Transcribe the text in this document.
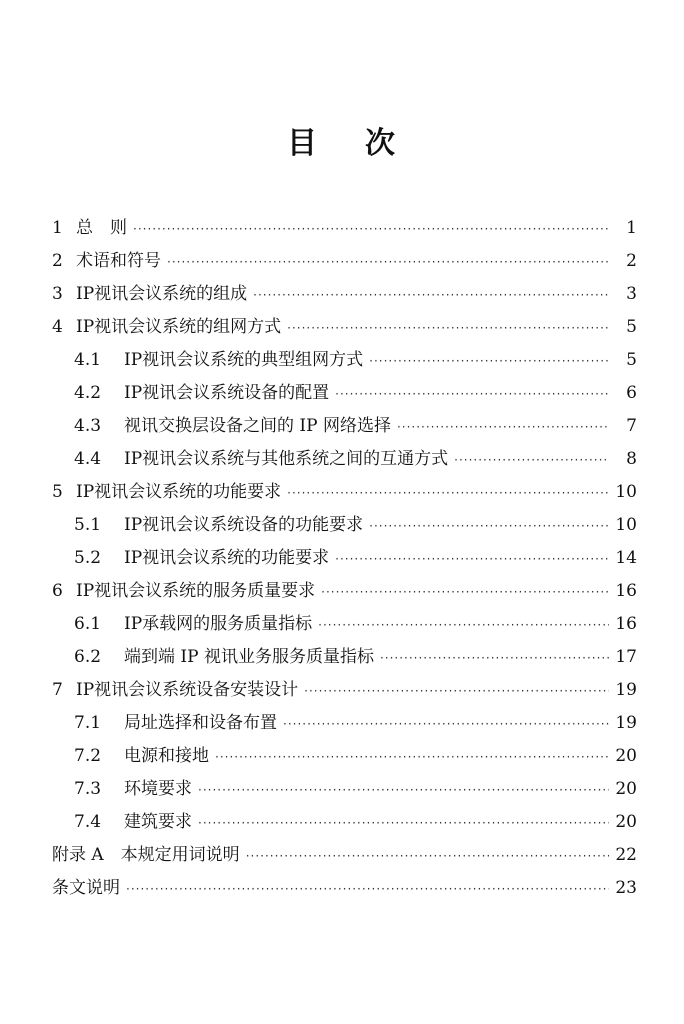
目 次
1 总　则 ·····	1
2 术语和符号 ·····	2
3 IP视讯会议系统的组成 ·····	3
4 IP视讯会议系统的组网方式 ·····	5
4.1	IP视讯会议系统的典型组网方式 ·····	5
4.2	IP视讯会议系统设备的配置 ·····	6
4.3	视讯交换层设备之间的 IP 网络选择 ·····	7
4.4	IP视讯会议系统与其他系统之间的互通方式 ·····	8
5 IP视讯会议系统的功能要求 ·····	10
5.1	IP视讯会议系统设备的功能要求 ·····	10
5.2	IP视讯会议系统的功能要求 ·····	14
6 IP视讯会议系统的服务质量要求 ·····	16
6.1	IP承载网的服务质量指标 ·····	16
6.2	端到端 IP 视讯业务服务质量指标 ·····	17
7 IP视讯会议系统设备安装设计 ·····	19
7.1	局址选择和设备布置 ·····	19
7.2	电源和接地 ·····	20
7.3	环境要求 ·····	20
7.4	建筑要求 ·····	20
附录 A　本规定用词说明 ·····	22
条文说明 ·····	23
